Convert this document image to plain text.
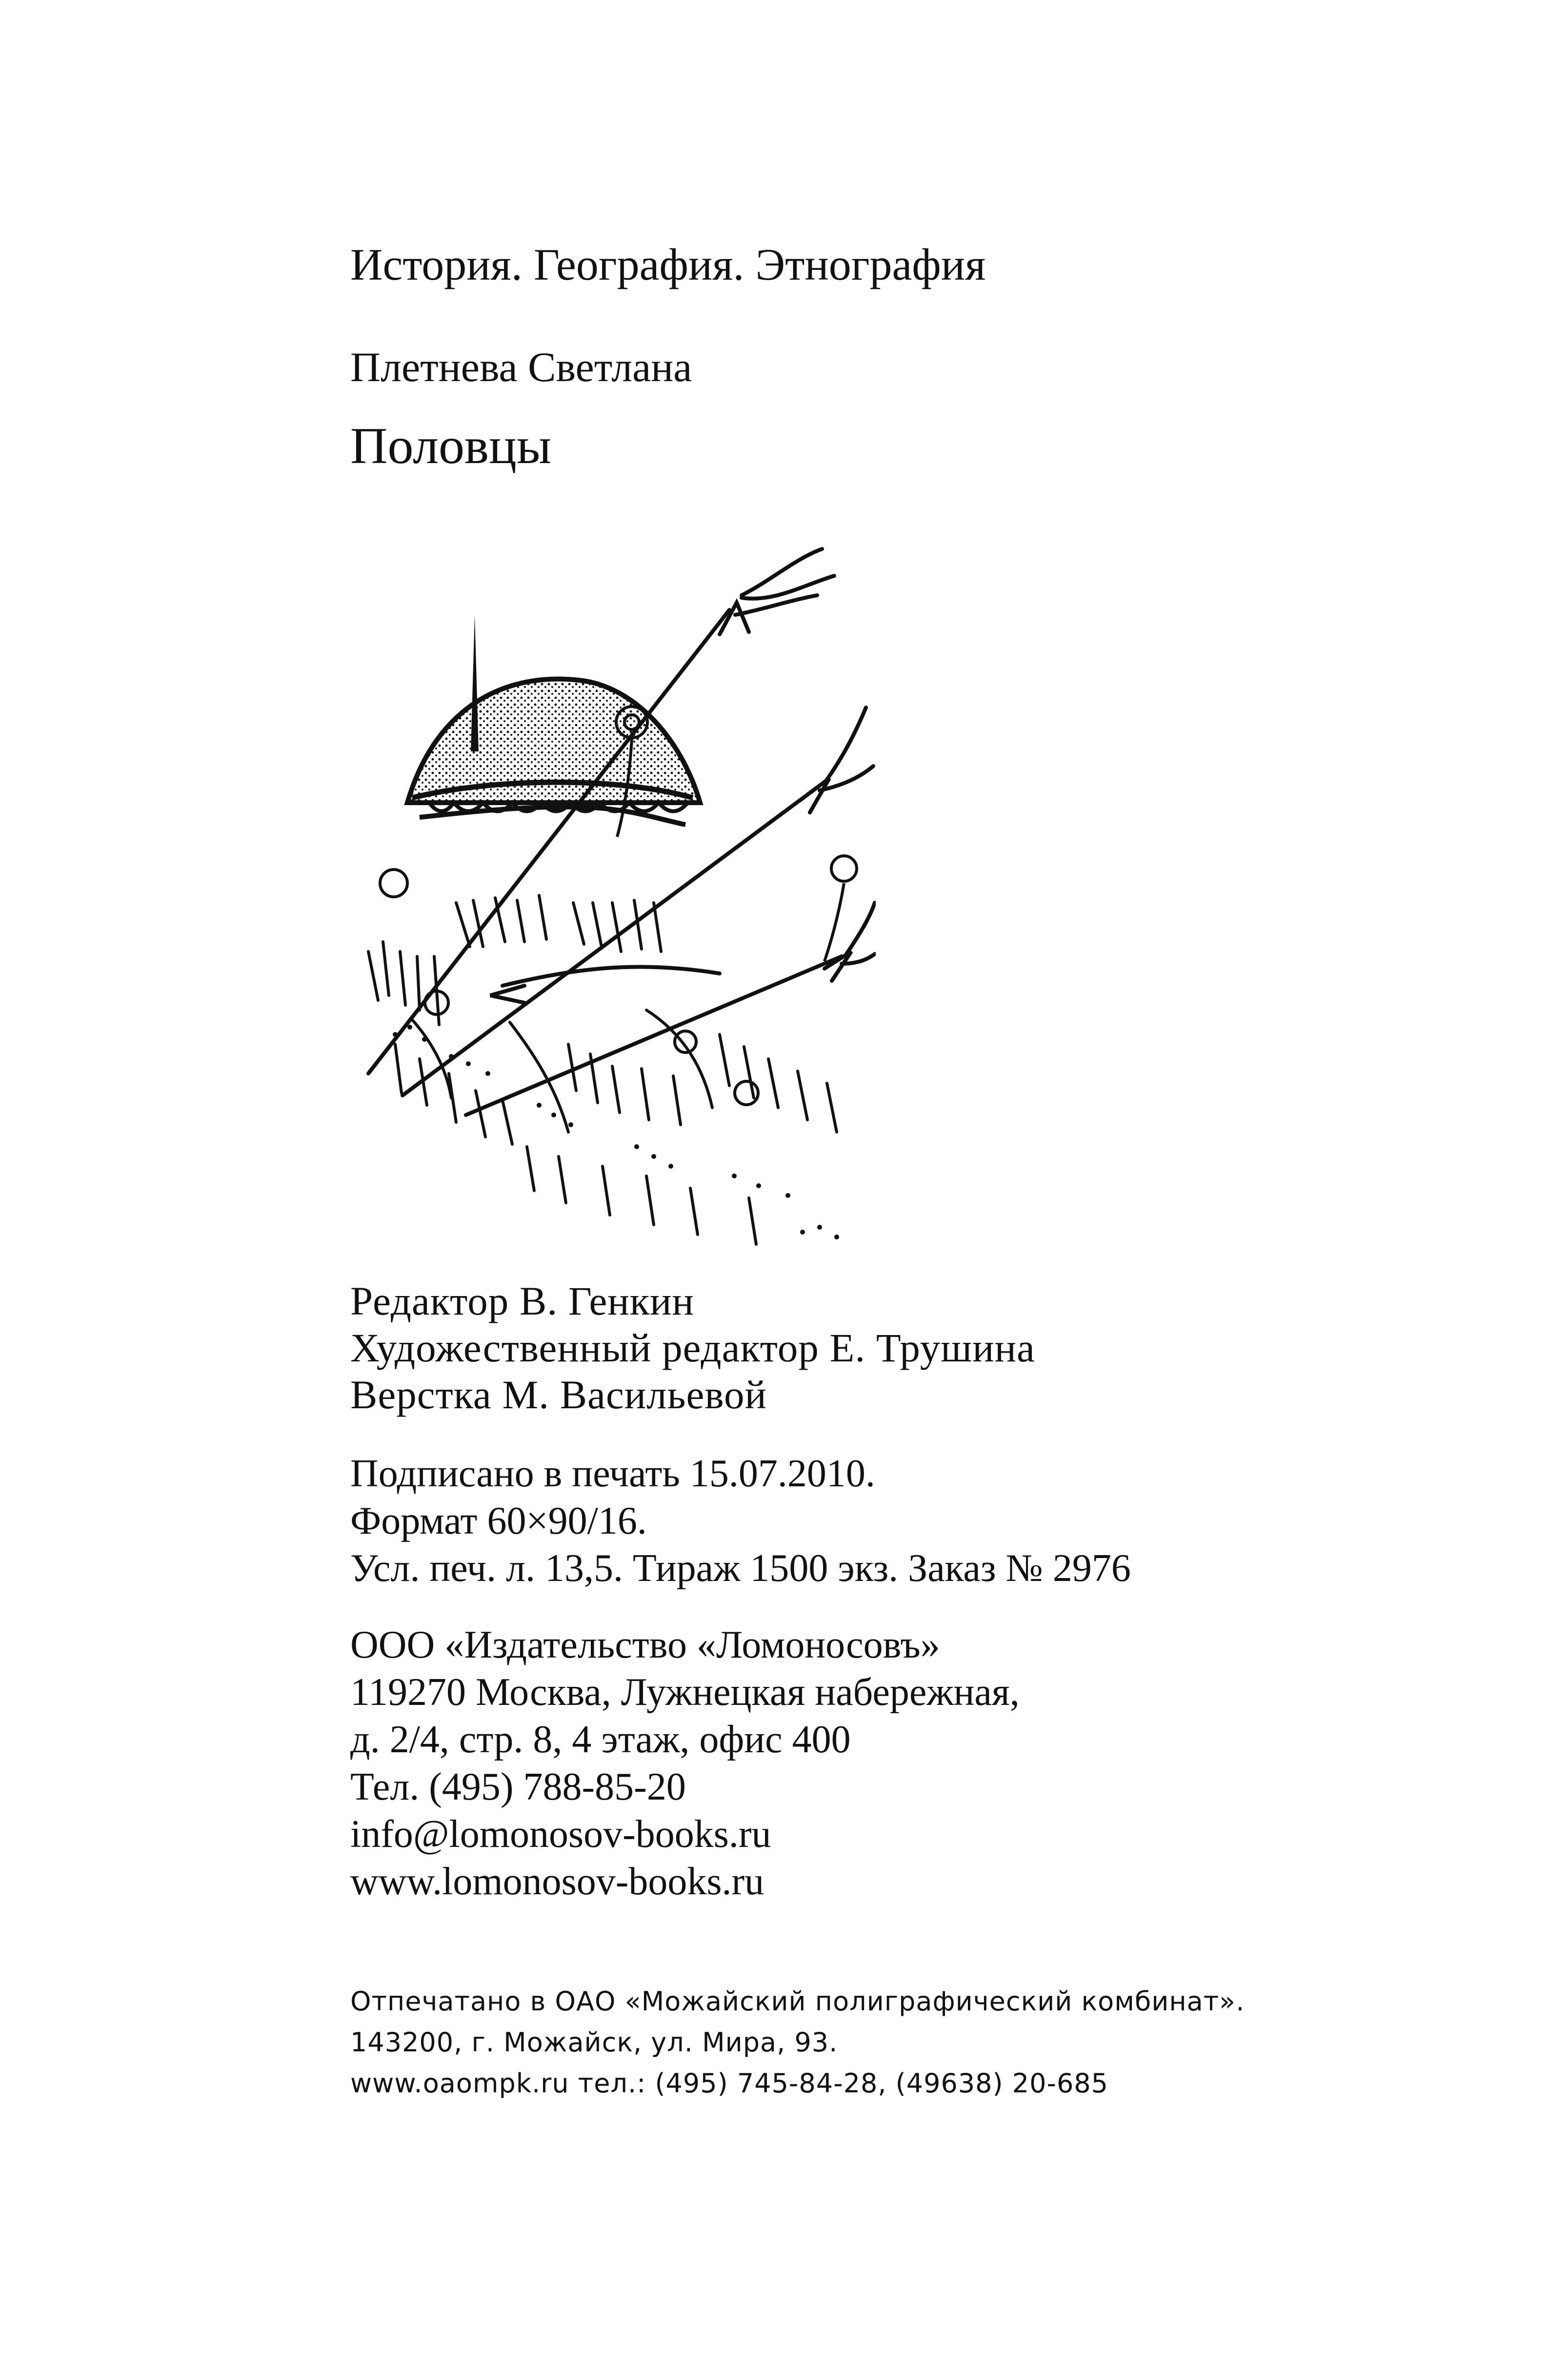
История. География. Этнография
Плетнева Светлана
Половцы
Редактор В. Генкин
Художественный редактор Е. Трушина
Верстка М. Васильевой
Подписано в печать 15.07.2010.
Формат 60×90/16.
Усл. печ. л. 13,5. Тираж 1500 экз. Заказ № 2976
ООО «Издательство «Ломоносовъ»
119270 Москва, Лужнецкая набережная,
д. 2/4, стр. 8, 4 этаж, офис 400
Тел. (495) 788-85-20
info@lomonosov-books.ru
www.lomonosov-books.ru
Отпечатано в ОАО «Можайский полиграфический комбинат».
143200, г. Можайск, ул. Мира, 93.
www.oaompk.ru тел.: (495) 745-84-28, (49638) 20-685
